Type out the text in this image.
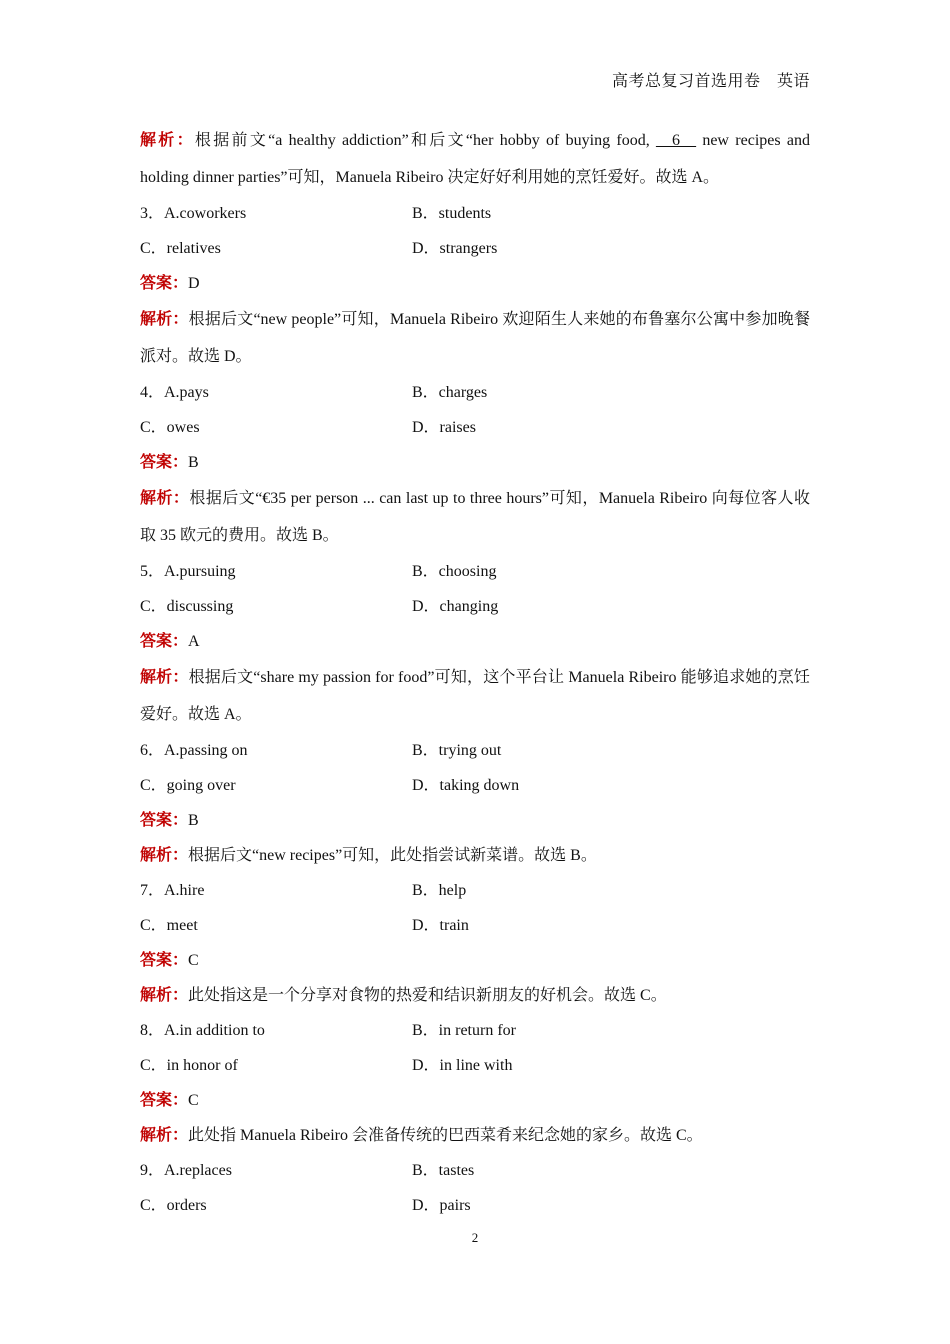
高考总复习首选用卷　英语
解析：根据前文“a healthy addiction”和后文“her hobby of buying food, __6__ new recipes and holding dinner parties”可知，Manuela Ribeiro 决定好好利用她的烹饪爱好。故选 A。
3．A.coworkers	B．students
C．relatives	D．strangers
答案：D
解析：根据后文“new people”可知，Manuela Ribeiro 欢迎陌生人来她的布鲁塞尔公寓中参加晚餐派对。故选 D。
4．A.pays	B．charges
C．owes	D．raises
答案：B
解析：根据后文“€35 per person ... can last up to three hours”可知，Manuela Ribeiro 向每位客人收取 35 欧元的费用。故选 B。
5．A.pursuing	B．choosing
C．discussing	D．changing
答案：A
解析：根据后文“share my passion for food”可知，这个平台让 Manuela Ribeiro 能够追求她的烹饪爱好。故选 A。
6．A.passing on	B．trying out
C．going over	D．taking down
答案：B
解析：根据后文“new recipes”可知，此处指尝试新菜谱。故选 B。
7．A.hire	B．help
C．meet	D．train
答案：C
解析：此处指这是一个分享对食物的热爱和结识新朋友的好机会。故选 C。
8．A.in addition to	B．in return for
C．in honor of	D．in line with
答案：C
解析：此处指 Manuela Ribeiro 会准备传统的巴西菜肴来纪念她的家乡。故选 C。
9．A.replaces	B．tastes
C．orders	D．pairs
2
